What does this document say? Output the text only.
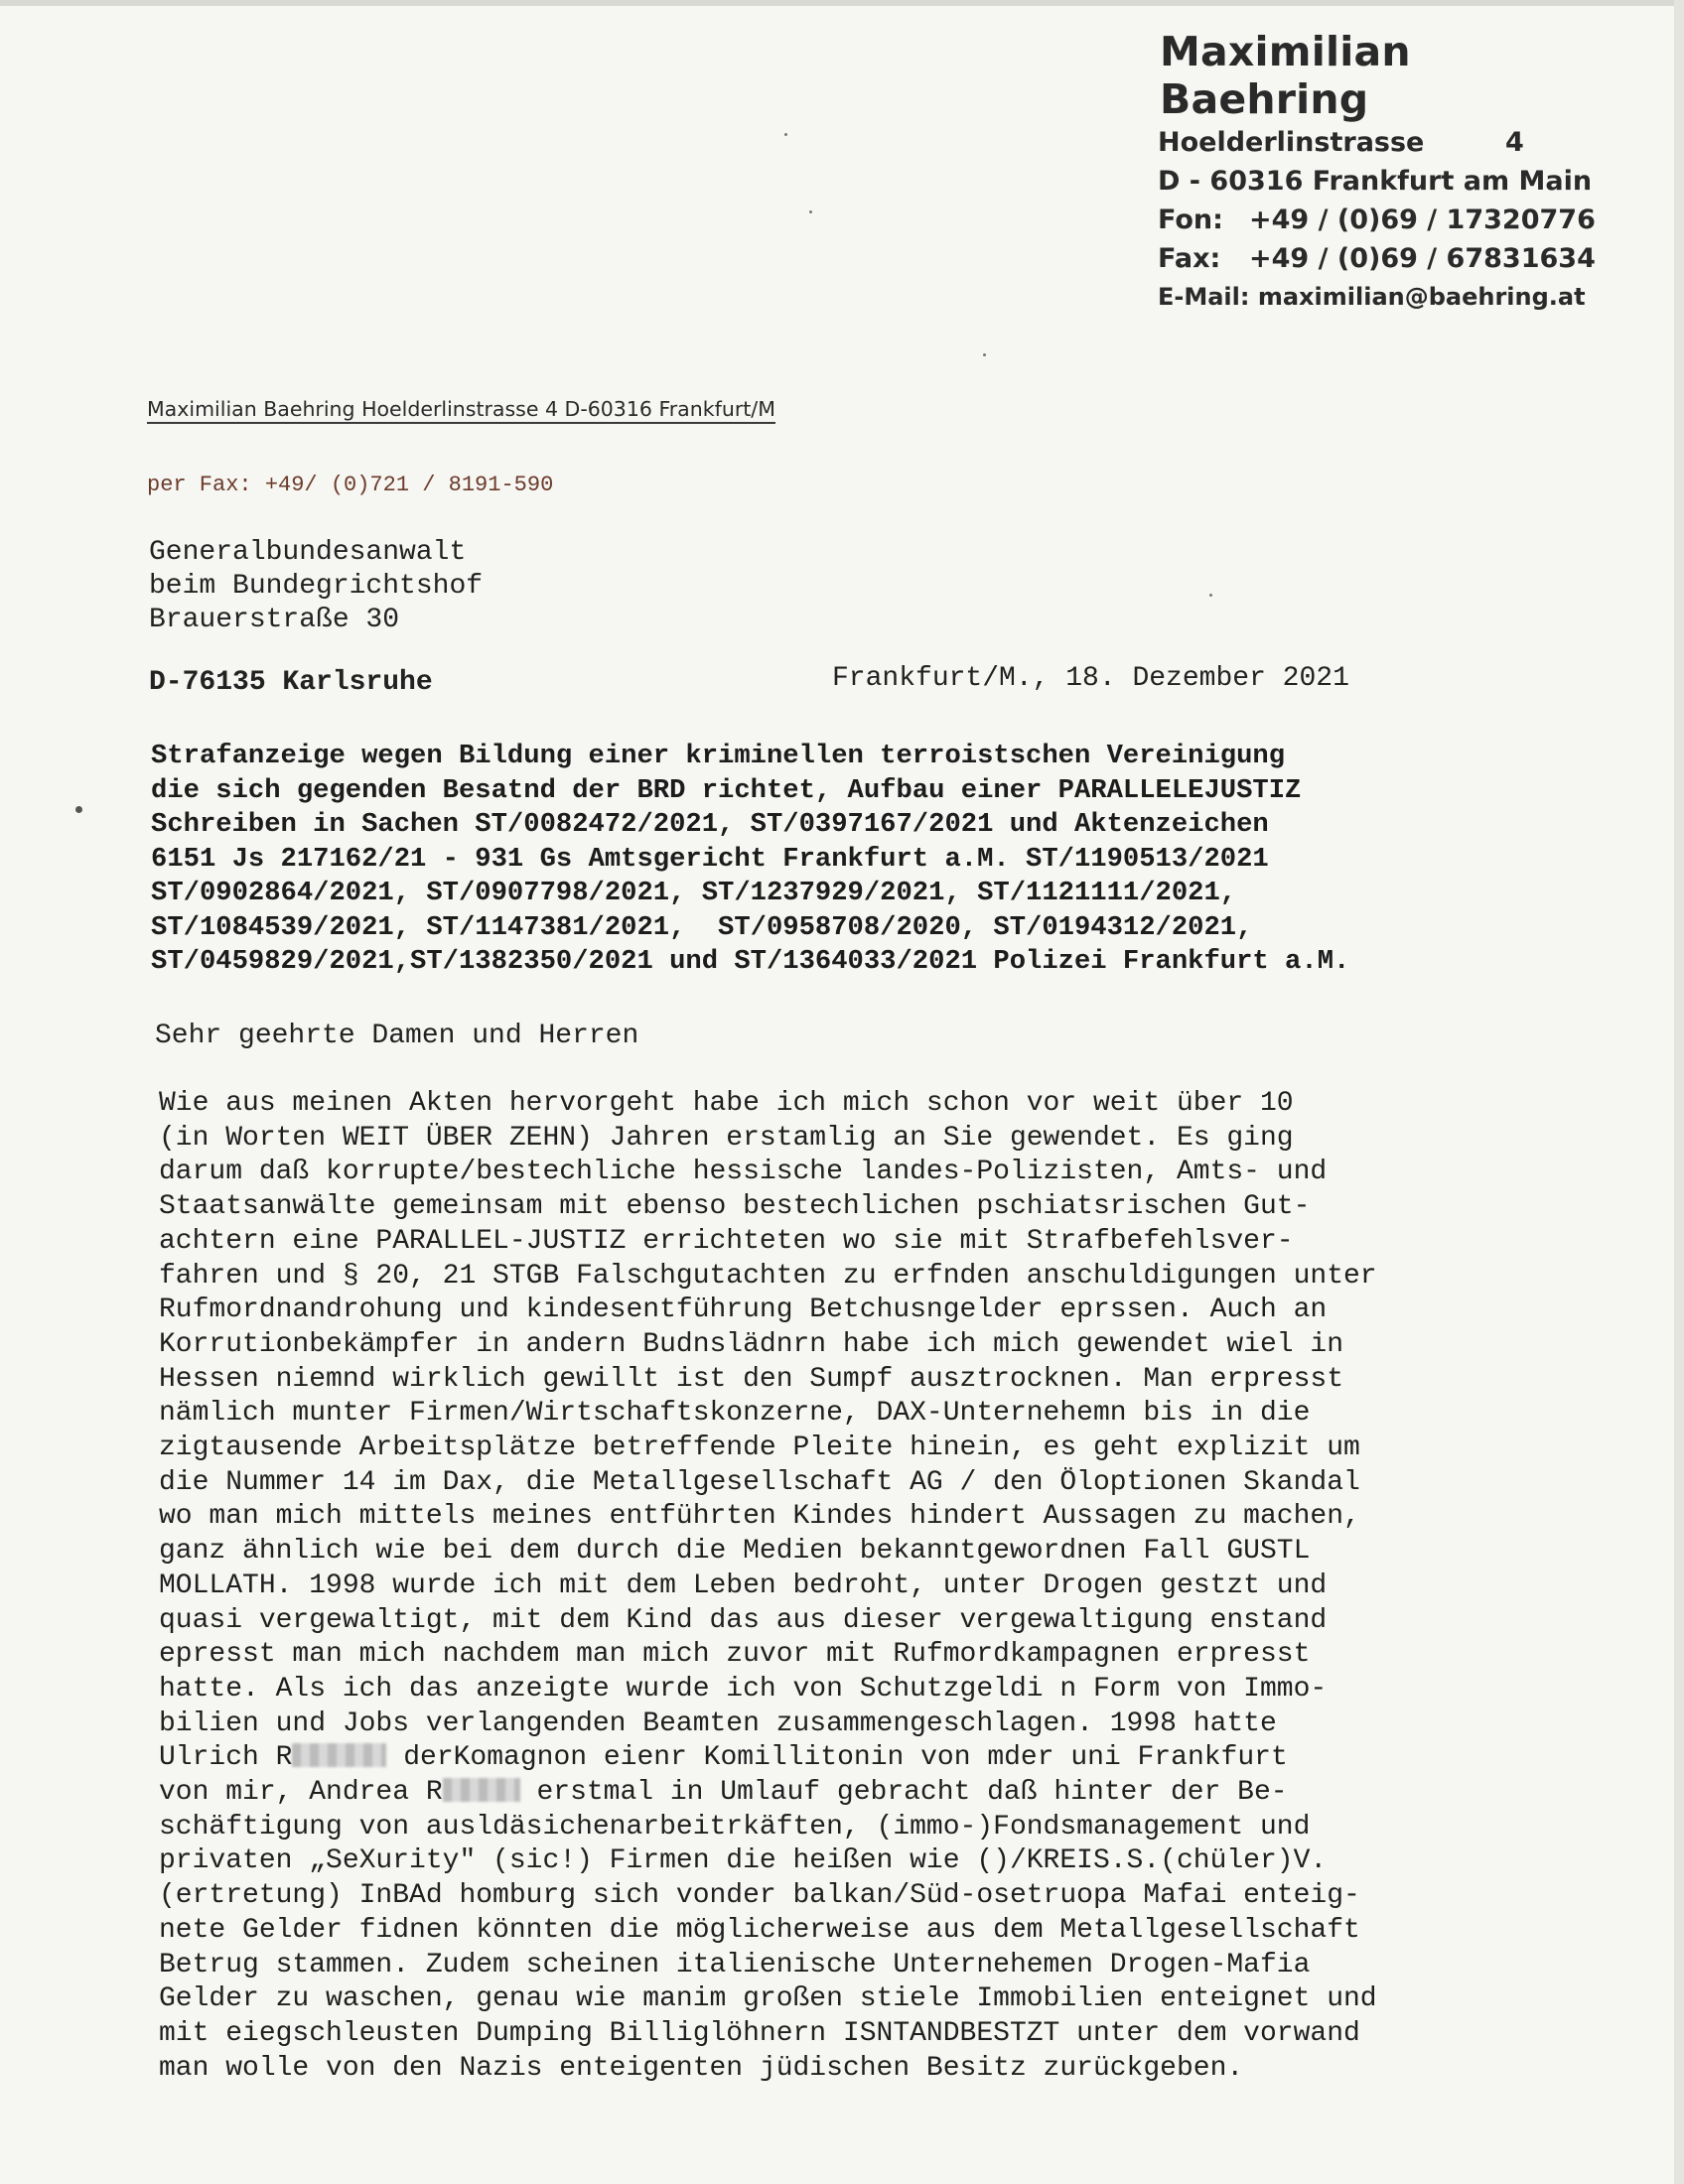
Maximilian Baehring
Hoelderlinstrasse	4
D - 60316 Frankfurt am Main
Fon: +49 / (0)69 / 17320776
Fax: +49 / (0)69 / 67831634
E-Mail: maximilian@baehring.at
Maximilian Baehring Hoelderlinstrasse 4 D-60316 Frankfurt/M
per Fax: +49/ (0)721 / 8191-590
Generalbundesanwalt
beim Bundegrichtshof
Brauerstraße 30
D-76135 Karlsruhe	Frankfurt/M., 18. Dezember 2021
Strafanzeige wegen Bildung einer kriminellen terroistschen Vereinigung
die sich gegenden Besatnd der BRD richtet, Aufbau einer PARALLELEJUSTIZ
Schreiben in Sachen ST/0082472/2021, ST/0397167/2021 und Aktenzeichen
6151 Js 217162/21 - 931 Gs Amtsgericht Frankfurt a.M. ST/1190513/2021
ST/0902864/2021, ST/0907798/2021, ST/1237929/2021, ST/1121111/2021,
ST/1084539/2021, ST/1147381/2021,  ST/0958708/2020, ST/0194312/2021,
ST/0459829/2021,ST/1382350/2021 und ST/1364033/2021 Polizei Frankfurt a.M.
Sehr geehrte Damen und Herren
Wie aus meinen Akten hervorgeht habe ich mich schon vor weit über 10
(in Worten WEIT ÜBER ZEHN) Jahren erstamlig an Sie gewendet. Es ging
darum daß korrupte/bestechliche hessische landes-Polizisten, Amts- und
Staatsanwälte gemeinsam mit ebenso bestechlichen pschiatsrischen Gut-
achtern eine PARALLEL-JUSTIZ errichteten wo sie mit Strafbefehlsver-
fahren und § 20, 21 STGB Falschgutachten zu erfnden anschuldigungen unter
Rufmordnandrohung und kindesentführung Betchusngelder eprssen. Auch an
Korrutionbekämpfer in andern Budnslädnrn habe ich mich gewendet wiel in
Hessen niemnd wirklich gewillt ist den Sumpf ausztrocknen. Man erpresst
nämlich munter Firmen/Wirtschaftskonzerne, DAX-Unternehemn bis in die
zigtausende Arbeitsplätze betreffende Pleite hinein, es geht explizit um
die Nummer 14 im Dax, die Metallgesellschaft AG / den Öloptionen Skandal
wo man mich mittels meines entführten Kindes hindert Aussagen zu machen,
ganz ähnlich wie bei dem durch die Medien bekanntgewordnen Fall GUSTL
MOLLATH. 1998 wurde ich mit dem Leben bedroht, unter Drogen gestzt und
quasi vergewaltigt, mit dem Kind das aus dieser vergewaltigung enstand
epresst man mich nachdem man mich zuvor mit Rufmordkampagnen erpresst
hatte. Als ich das anzeigte wurde ich von Schutzgeldi n Form von Immo-
bilien und Jobs verlangenden Beamten zusammengeschlagen. 1998 hatte
Ulrich R	derKomagnon eienr Komillitonin von mder uni Frankfurt
von mir, Andrea R	erstmal in Umlauf gebracht daß hinter der Be-
schäftigung von ausldäsichenarbeitrkäften, (immo-)Fondsmanagement und
privaten „SeXurity" (sic!) Firmen die heißen wie ()/KREIS.S.(chüler)V.
(ertretung) InBAd homburg sich vonder balkan/Süd-osetruopa Mafai enteig-
nete Gelder fidnen könnten die möglicherweise aus dem Metallgesellschaft
Betrug stammen. Zudem scheinen italienische Unternehemen Drogen-Mafia
Gelder zu waschen, genau wie manim großen stiele Immobilien enteignet und
mit eiegschleusten Dumping Billiglöhnern ISNTANDBESTZT unter dem vorwand
man wolle von den Nazis enteigenten jüdischen Besitz zurückgeben.
